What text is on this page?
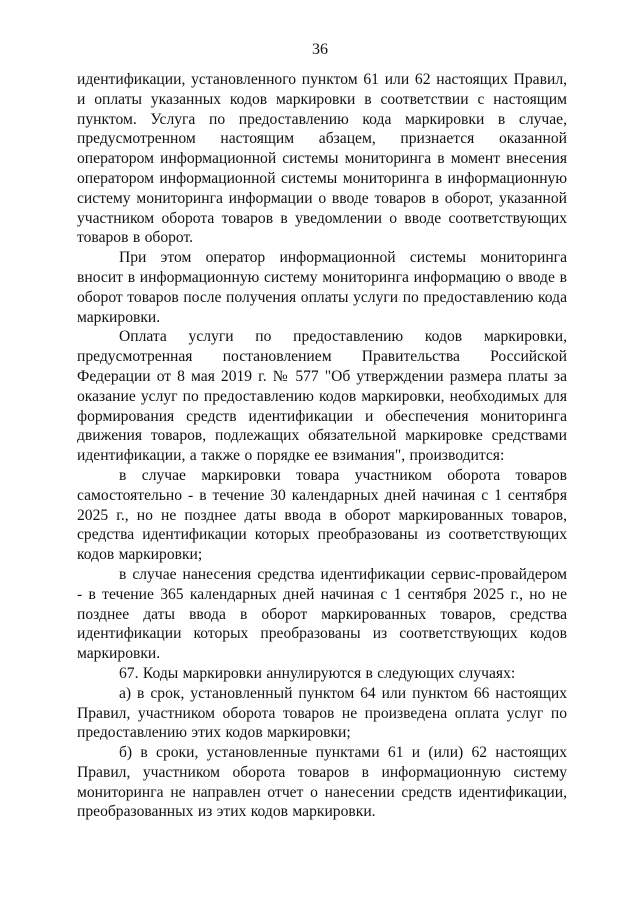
36

идентификации, установленного пунктом 61 или 62 настоящих Правил, и оплаты указанных кодов маркировки в соответствии с настоящим пунктом. Услуга по предоставлению кода маркировки в случае, предусмотренном настоящим абзацем, признается оказанной оператором информационной системы мониторинга в момент внесения оператором информационной системы мониторинга в информационную систему мониторинга информации о вводе товаров в оборот, указанной участником оборота товаров в уведомлении о вводе соответствующих товаров в оборот.

При этом оператор информационной системы мониторинга вносит в информационную систему мониторинга информацию о вводе в оборот товаров после получения оплаты услуги по предоставлению кода маркировки.

Оплата услуги по предоставлению кодов маркировки, предусмотренная постановлением Правительства Российской Федерации от 8 мая 2019 г. № 577 "Об утверждении размера платы за оказание услуг по предоставлению кодов маркировки, необходимых для формирования средств идентификации и обеспечения мониторинга движения товаров, подлежащих обязательной маркировке средствами идентификации, а также о порядке ее взимания", производится:

в случае маркировки товара участником оборота товаров самостоятельно - в течение 30 календарных дней начиная с 1 сентября 2025 г., но не позднее даты ввода в оборот маркированных товаров, средства идентификации которых преобразованы из соответствующих кодов маркировки;

в случае нанесения средства идентификации сервис-провайдером - в течение 365 календарных дней начиная с 1 сентября 2025 г., но не позднее даты ввода в оборот маркированных товаров, средства идентификации которых преобразованы из соответствующих кодов маркировки.

67. Коды маркировки аннулируются в следующих случаях:

а) в срок, установленный пунктом 64 или пунктом 66 настоящих Правил, участником оборота товаров не произведена оплата услуг по предоставлению этих кодов маркировки;

б) в сроки, установленные пунктами 61 и (или) 62 настоящих Правил, участником оборота товаров в информационную систему мониторинга не направлен отчет о нанесении средств идентификации, преобразованных из этих кодов маркировки.
